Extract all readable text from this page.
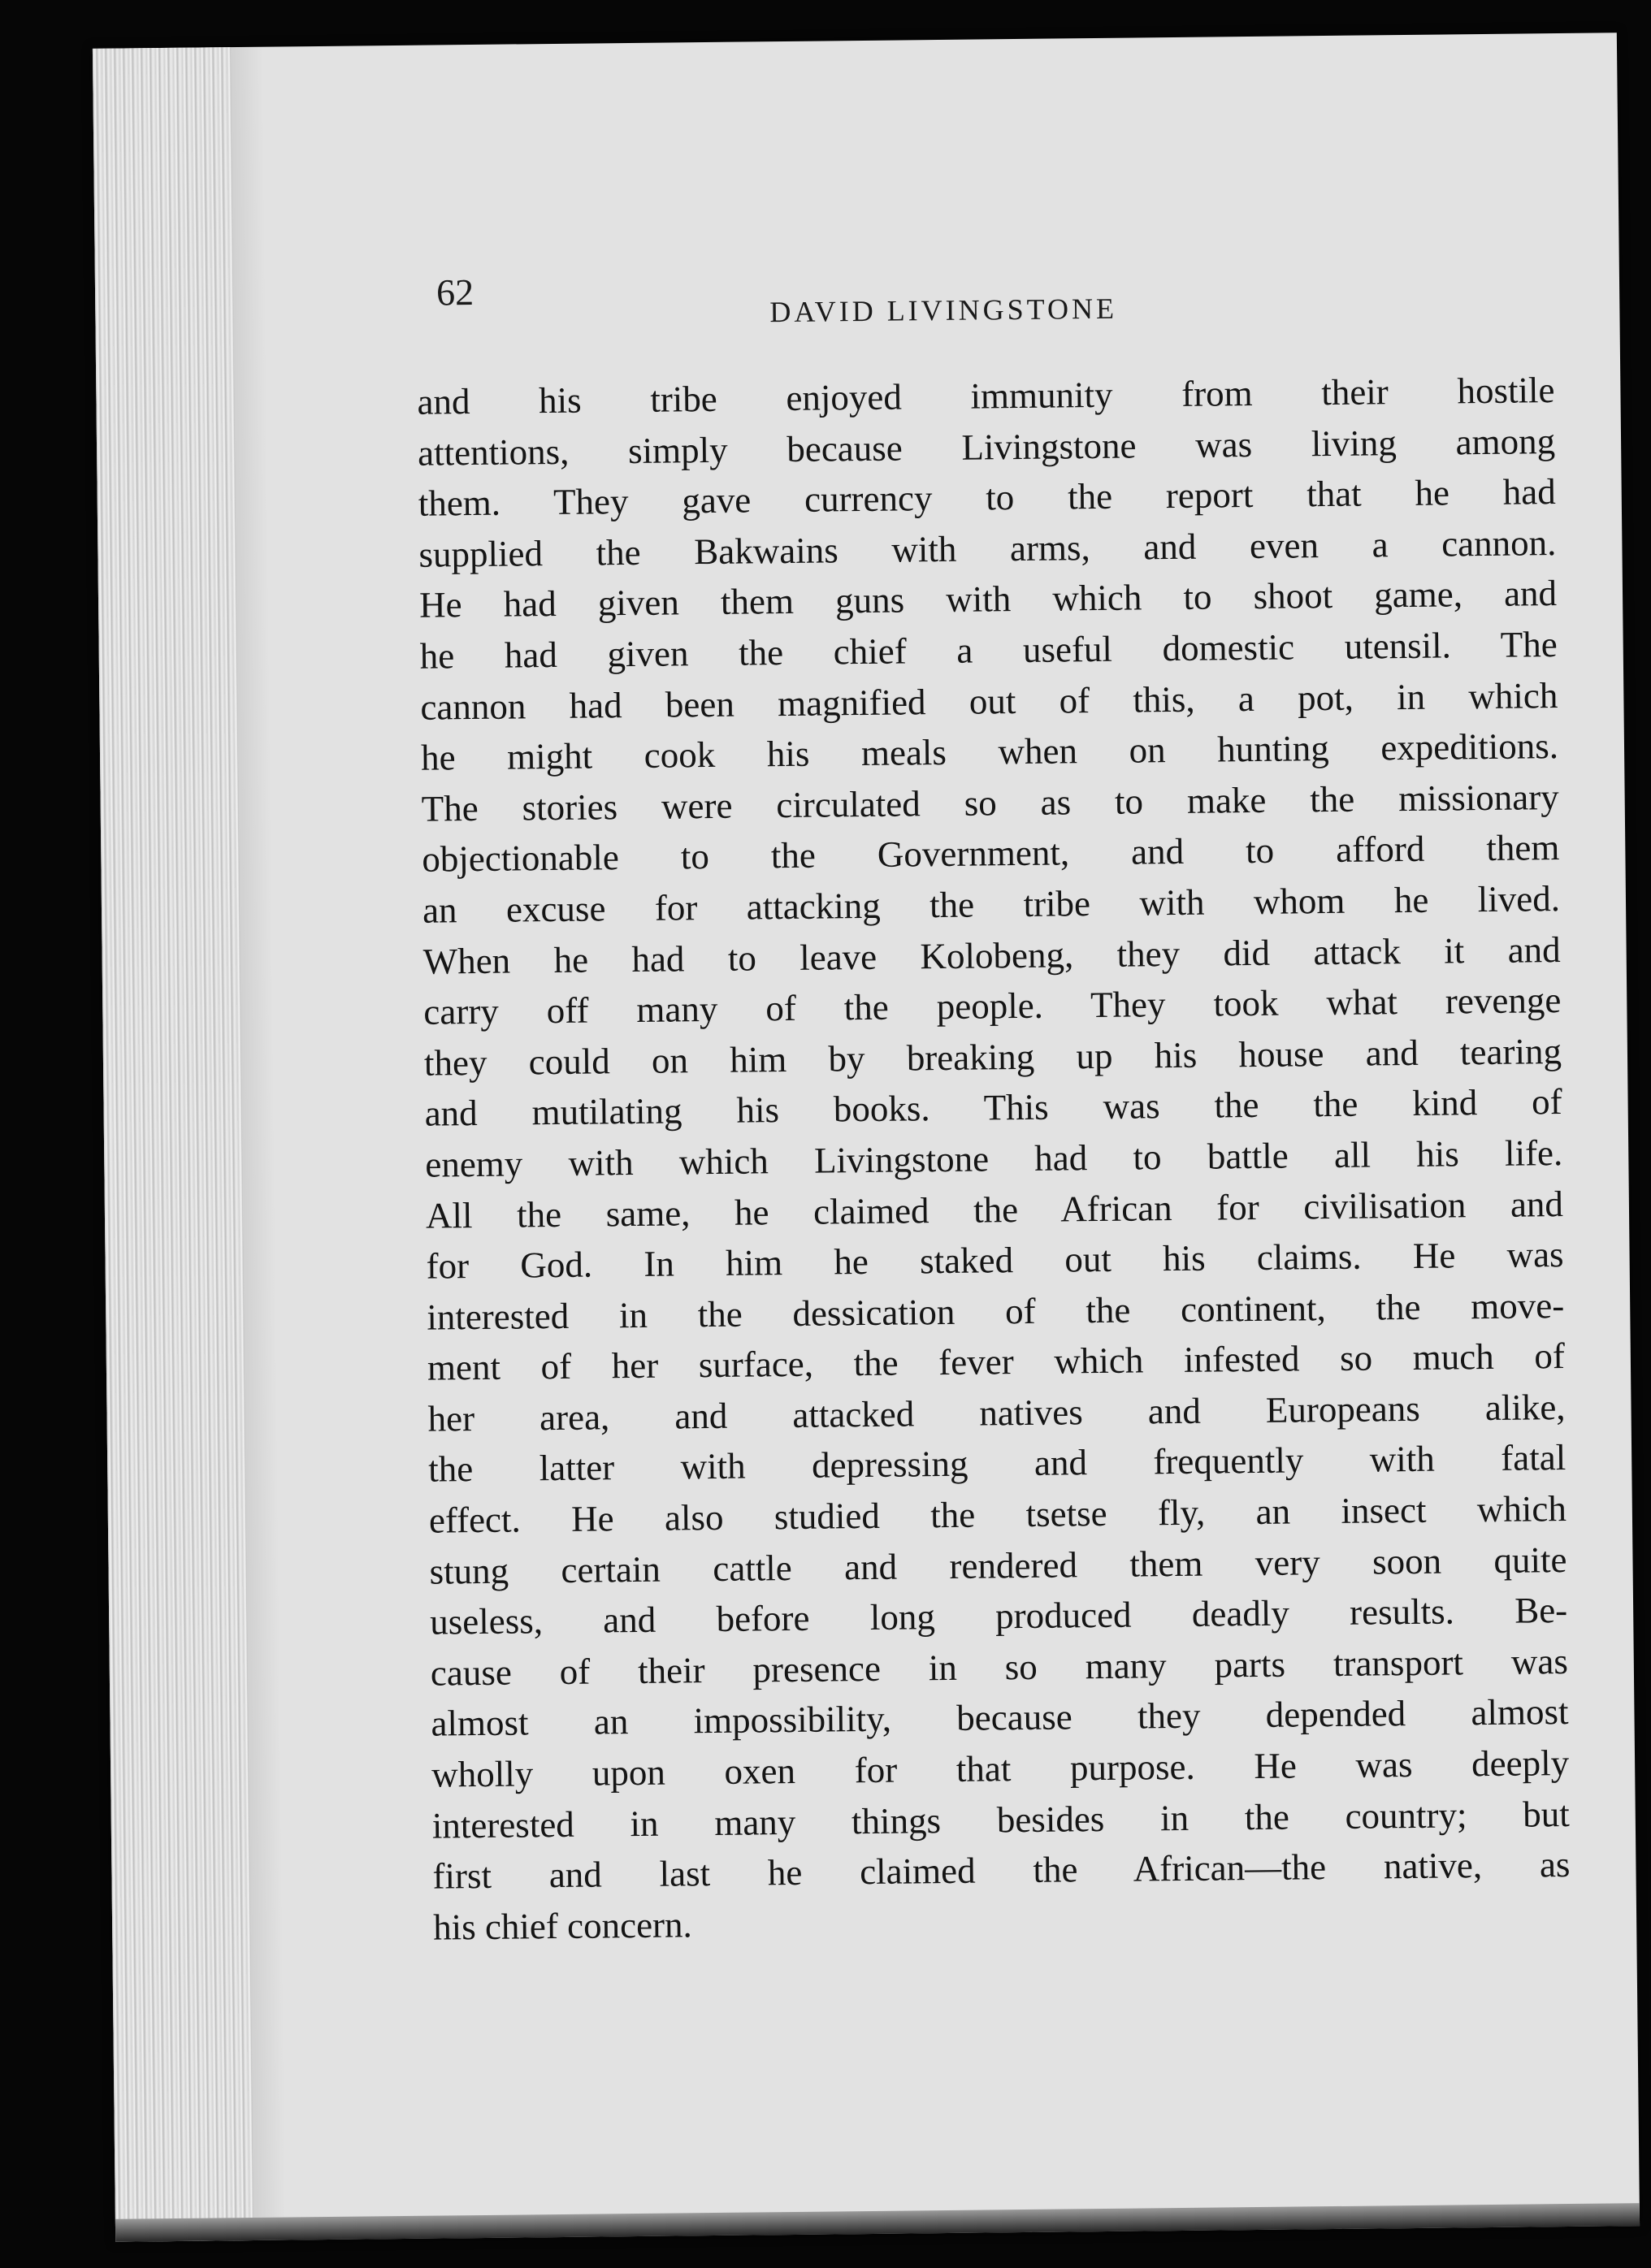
62	DAVID LIVINGSTONE
and his tribe enjoyed immunity from their hostile
attentions, simply because Livingstone was living among
them. They gave currency to the report that he had
supplied the Bakwains with arms, and even a cannon.
He had given them guns with which to shoot game, and
he had given the chief a useful domestic utensil. The
cannon had been magnified out of this, a pot, in which
he might cook his meals when on hunting expeditions.
The stories were circulated so as to make the missionary
objectionable to the Government, and to afford them
an excuse for attacking the tribe with whom he lived.
When he had to leave Kolobeng, they did attack it and
carry off many of the people. They took what revenge
they could on him by breaking up his house and tearing
and mutilating his books. This was the the kind of
enemy with which Livingstone had to battle all his life.
All the same, he claimed the African for civilisation and
for God. In him he staked out his claims. He was
interested in the dessication of the continent, the move-
ment of her surface, the fever which infested so much of
her area, and attacked natives and Europeans alike,
the latter with depressing and frequently with fatal
effect. He also studied the tsetse fly, an insect which
stung certain cattle and rendered them very soon quite
useless, and before long produced deadly results. Be-
cause of their presence in so many parts transport was
almost an impossibility, because they depended almost
wholly upon oxen for that purpose. He was deeply
interested in many things besides in the country; but
first and last he claimed the African—the native, as
his chief concern.
